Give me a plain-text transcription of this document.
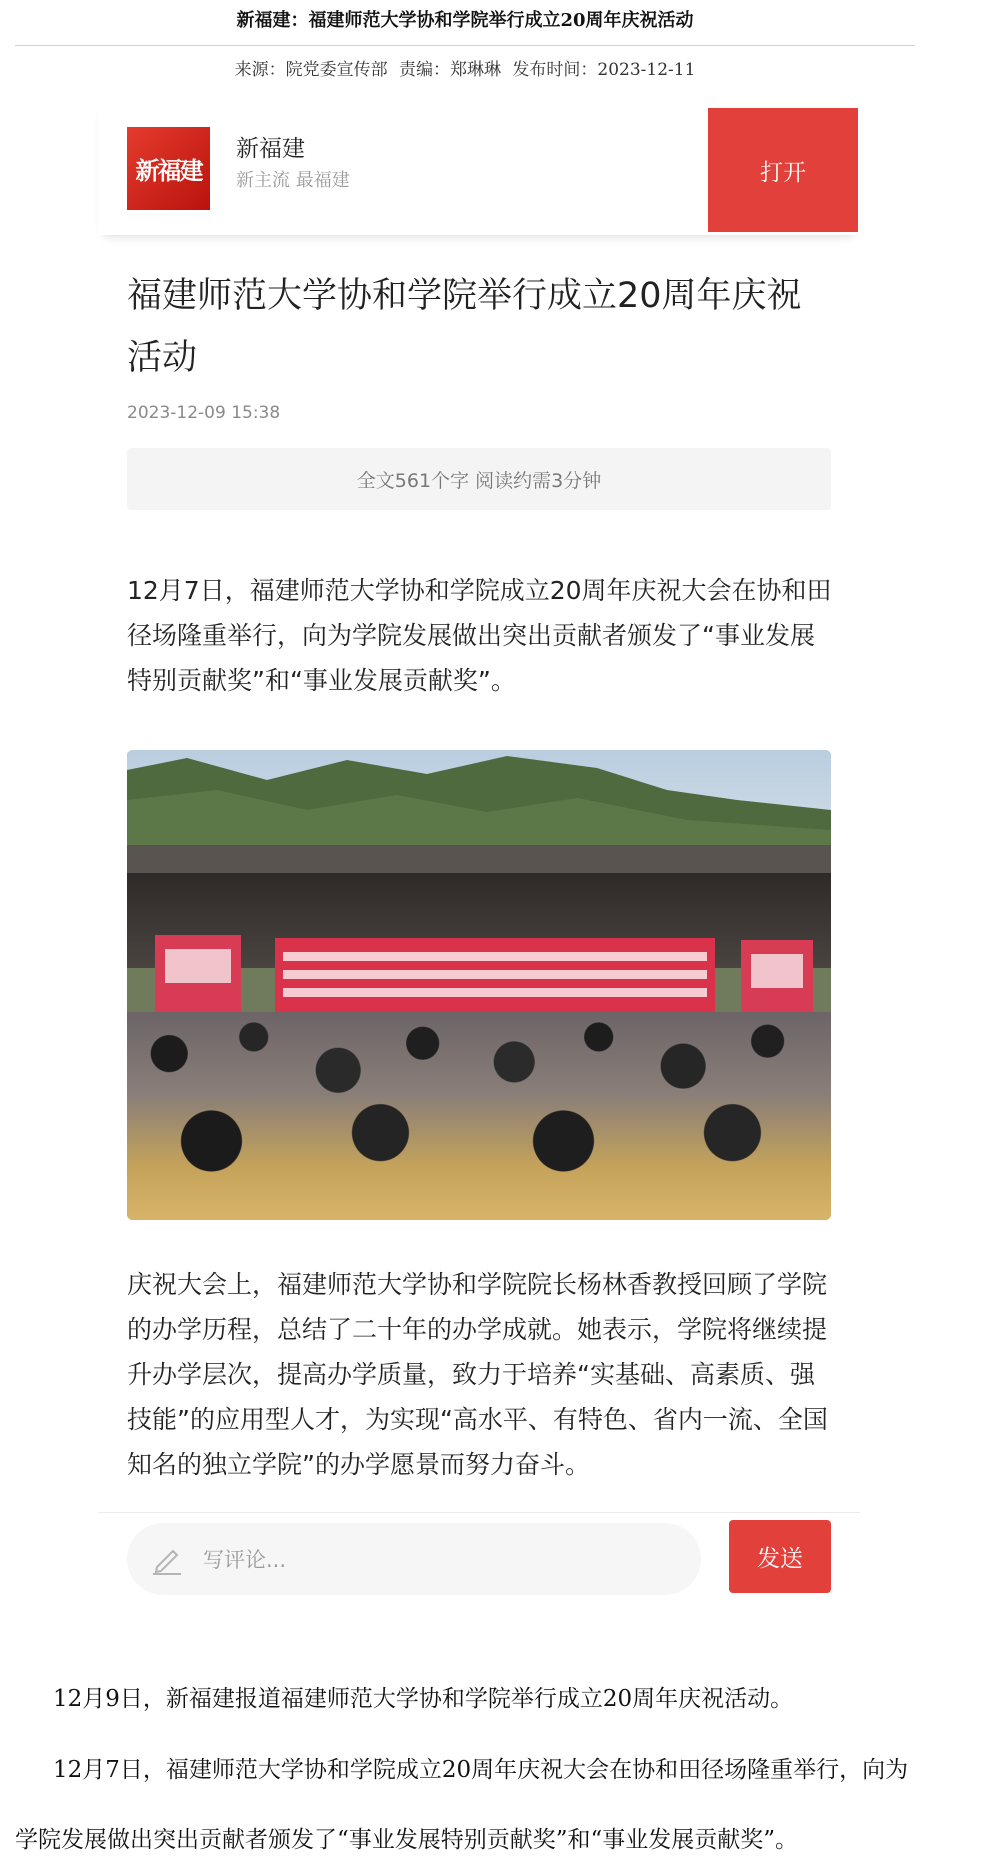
新福建：福建师范大学协和学院举行成立20周年庆祝活动
来源：院党委宣传部 责编：郑琳琳 发布时间：2023-12-11
新福建
新福建
新主流 最福建	打开
福建师范大学协和学院举行成立20周年庆祝活动
2023-12-09 15:38
全文561个字 阅读约需3分钟
12月7日，福建师范大学协和学院成立20周年庆祝大会在协和田径场隆重举行，向为学院发展做出突出贡献者颁发了“事业发展特别贡献奖”和“事业发展贡献奖”。
庆祝大会上，福建师范大学协和学院院长杨林香教授回顾了学院的办学历程，总结了二十年的办学成就。她表示，学院将继续提升办学层次，提高办学质量，致力于培养“实基础、高素质、强技能”的应用型人才，为实现“高水平、有特色、省内一流、全国知名的独立学院”的办学愿景而努力奋斗。
写评论...	发送
12月9日，新福建报道福建师范大学协和学院举行成立20周年庆祝活动。
12月7日，福建师范大学协和学院成立20周年庆祝大会在协和田径场隆重举行，向为学院发展做出突出贡献者颁发了“事业发展特别贡献奖”和“事业发展贡献奖”。
